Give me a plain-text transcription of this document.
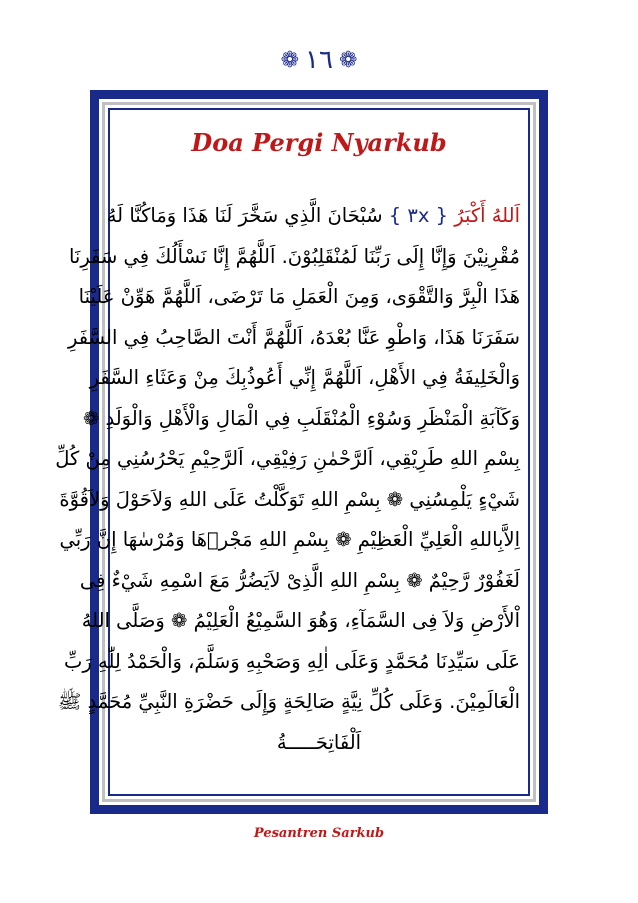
❁ ١٦ ❁
Doa Pergi Nyarkub
اَللهُ أَكْبَرُ { ٣x } سُبْحَانَ الَّذِي سَخَّرَ لَنَا هَذَا وَمَاكُنَّا لَهُ
مُقْرِنِيْنَ وَإِنَّا إِلَى رَبِّنَا لَمُنْقَلِبُوْنَ. اَللَّهُمَّ إِنَّا نَسْأَلُكَ فِي سَفَرِنَا
هَذَا الْبِرَّ وَالتَّقْوَى، وَمِنَ الْعَمَلِ مَا تَرْضَى، اَللَّهُمَّ هَوِّنْ عَلَيْنَا
سَفَرَنَا هَذَا، وَاطْوِ عَنَّا بُعْدَهُ، اَللَّهُمَّ أَنْتَ الصَّاحِبُ فِي السَّفَرِ
وَالْخَلِيفَةُ فِي الأَهْلِ، اَللَّهُمَّ إِنِّي أَعُوذُبِكَ مِنْ وَعَثَاءِ السَّفَرِ
وَكَآبَةِ الْمَنْظَرِ وَسُوْءِ الْمُنْقَلَبِ فِي الْمَالِ وَالْأَهْلِ وَالْوَلَدِ ❁
بِسْمِ اللهِ طَرِيْقِي، اَلرَّحْمٰنِ رَفِيْقِي، اَلرَّحِيْمِ يَحْرُسُنِي مِنْ كُلِّ
شَيْءٍ يَلْمِسُنِي ❁ بِسْمِ اللهِ تَوَكَّلْتُ عَلَى اللهِ وَلاَحَوْلَ وَلاَقُوَّةَ
اِلاَّبِاللهِ الْعَلِيِّ الْعَظِيْمِ ❁ بِسْمِ اللهِ مَجْرٖهَا وَمُرْسٰهَا إِنَّ رَبِّي
لَغَفُوْرٌ رَّحِيْمٌ ❁ بِسْمِ اللهِ الَّذِىْ لاَيَضُرُّ مَعَ اسْمِهِ شَيْءٌ فِى
اْلأَرْضِ وَلاَ فِى السَّمَآءِ، وَهُوَ السَّمِيْعُ الْعَلِيْمُ ❁ وَصَلَّى اللهُ
عَلَى سَيِّدِنَا مُحَمَّدٍ وَعَلَى اٰلِهِ وَصَحْبِهِ وَسَلَّمَ، وَالْحَمْدُ لِلّٰهِ رَبِّ
الْعَالَمِيْنَ. وَعَلَى كُلِّ نِيَّةٍ صَالِحَةٍ وَإِلَى حَضْرَةِ النَّبِيِّ مُحَمَّدٍ ﷺ
اَلْفَاتِحَـــــةُ
Pesantren Sarkub
